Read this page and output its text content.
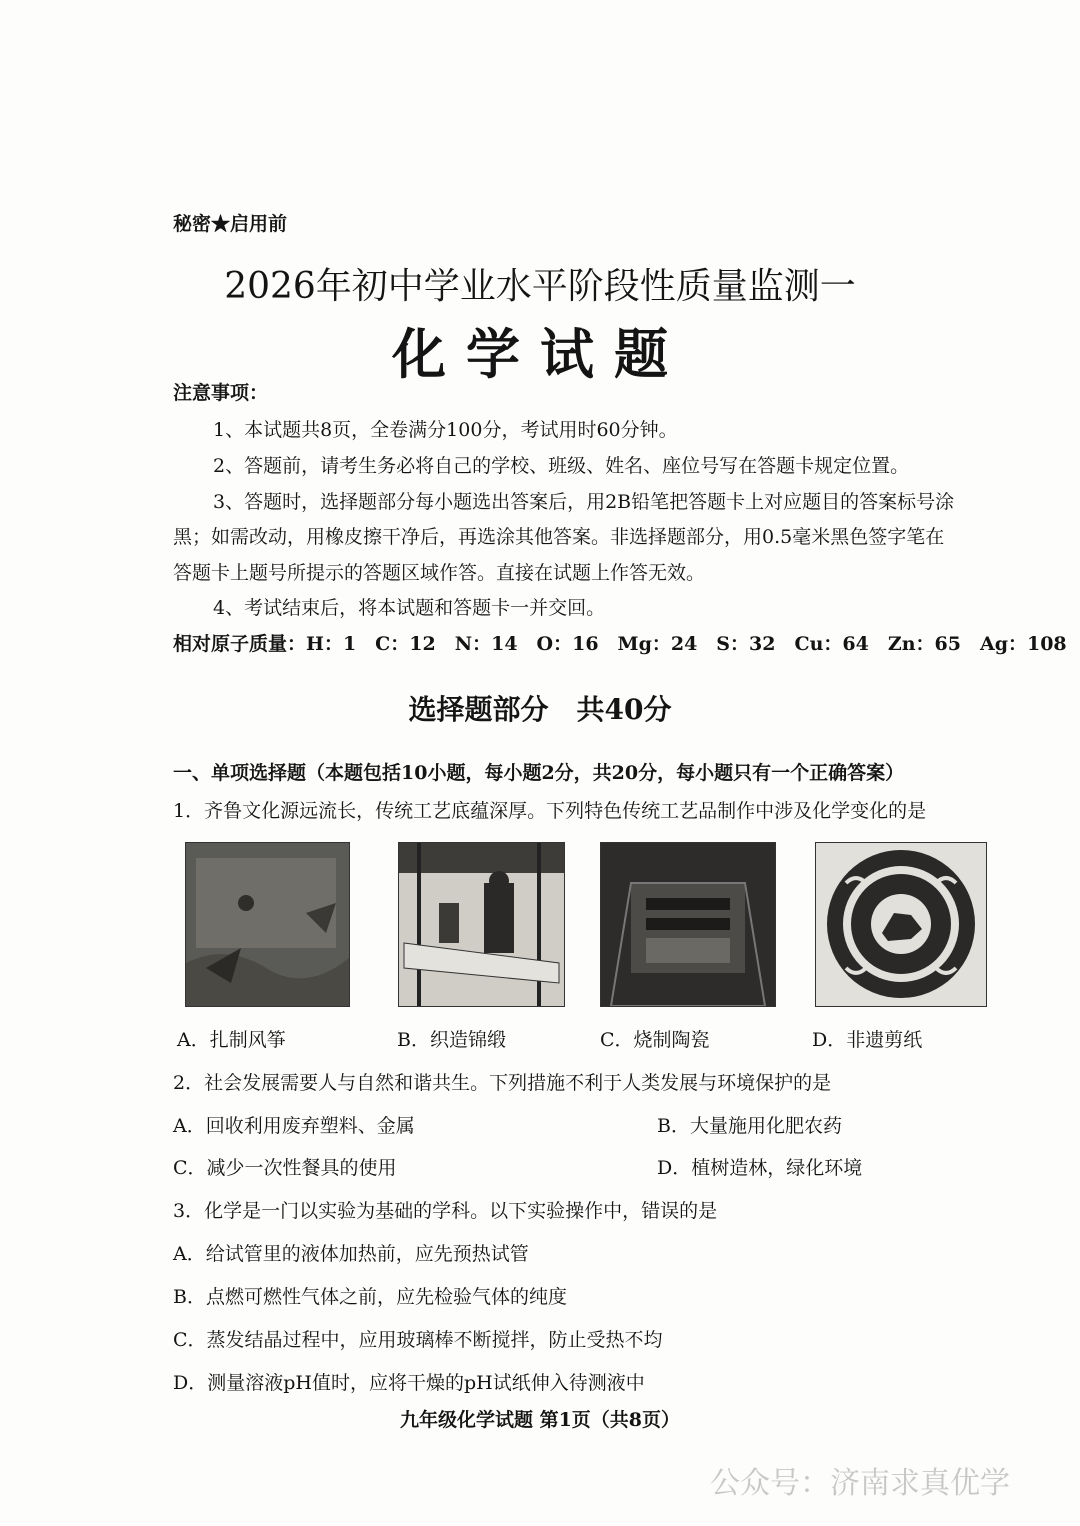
秘密★启用前
2026年初中学业水平阶段性质量监测一
化学试题
注意事项：
1、本试题共8页，全卷满分100分，考试用时60分钟。
2、答题前，请考生务必将自己的学校、班级、姓名、座位号写在答题卡规定位置。
3、答题时，选择题部分每小题选出答案后，用2B铅笔把答题卡上对应题目的答案标号涂
黑；如需改动，用橡皮擦干净后，再选涂其他答案。非选择题部分，用0.5毫米黑色签字笔在
答题卡上题号所提示的答题区域作答。直接在试题上作答无效。
4、考试结束后，将本试题和答题卡一并交回。
相对原子质量：H：1　C：12　N：14　O：16　Mg：24　S：32　Cu：64　Zn：65　Ag：108
选择题部分　共40分
一、单项选择题（本题包括10小题，每小题2分，共20分，每小题只有一个正确答案）
1．齐鲁文化源远流长，传统工艺底蕴深厚。下列特色传统工艺品制作中涉及化学变化的是
A．扎制风筝	B．织造锦缎	C．烧制陶瓷	D．非遗剪纸
2．社会发展需要人与自然和谐共生。下列措施不利于人类发展与环境保护的是
A．回收利用废弃塑料、金属	B．大量施用化肥农药
C．减少一次性餐具的使用	D．植树造林，绿化环境
3．化学是一门以实验为基础的学科。以下实验操作中，错误的是
A．给试管里的液体加热前，应先预热试管
B．点燃可燃性气体之前，应先检验气体的纯度
C．蒸发结晶过程中，应用玻璃棒不断搅拌，防止受热不均
D．测量溶液pH值时，应将干燥的pH试纸伸入待测液中
九年级化学试题 第1页（共8页）
公众号：济南求真优学
